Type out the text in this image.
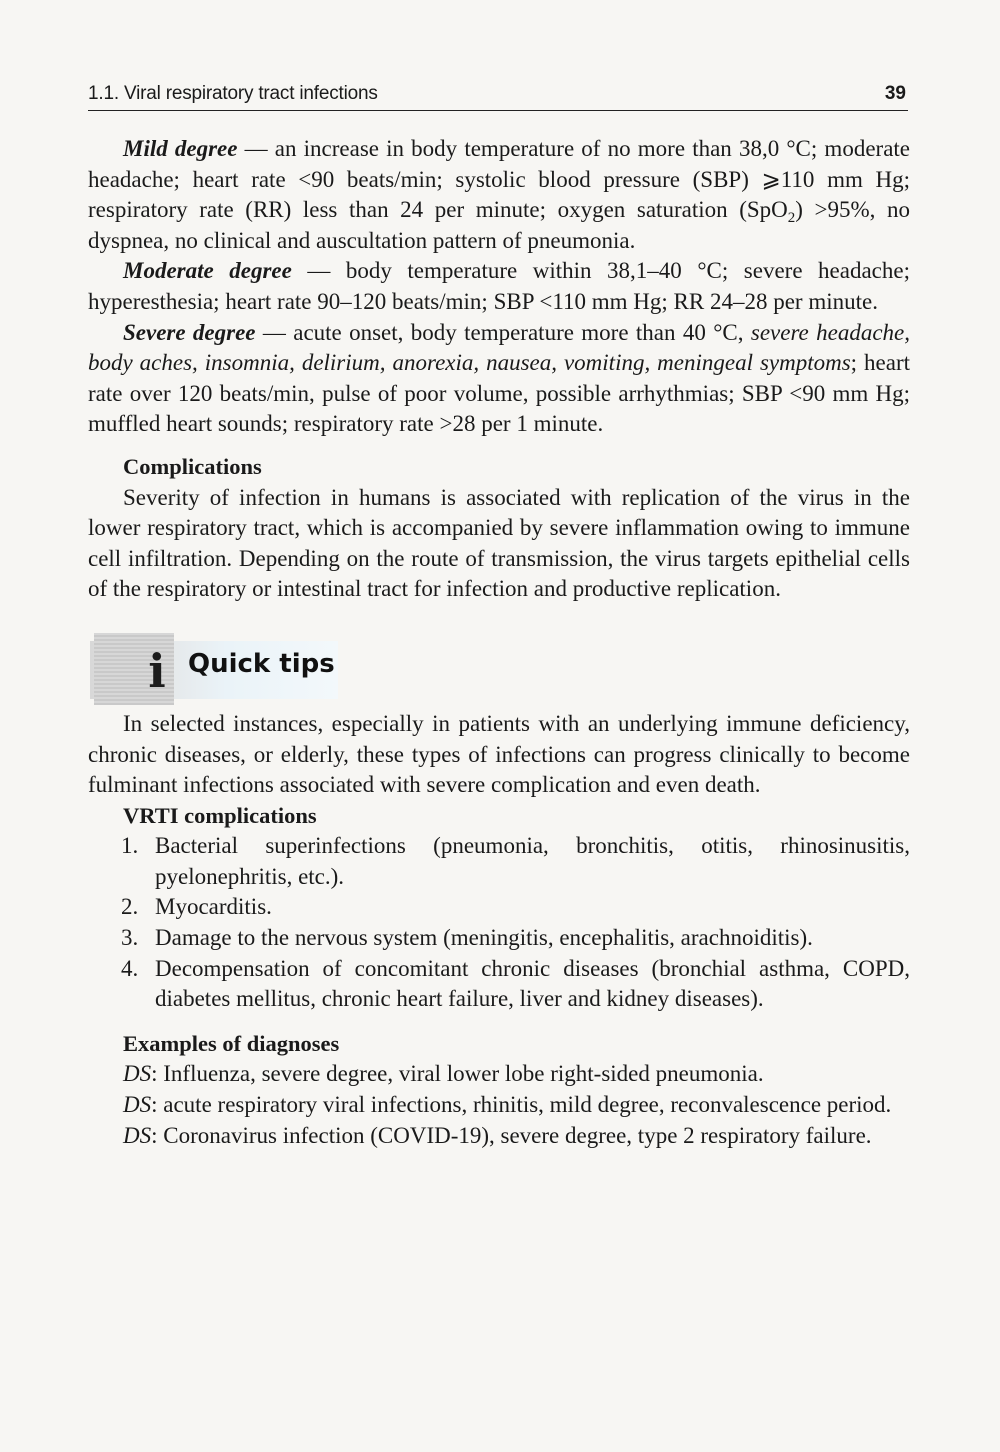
1.1. Viral respiratory tract infections	39

Mild degree — an increase in body temperature of no more than 38,0 °C; moderate headache; heart rate <90 beats/min; systolic blood pressure (SBP) ⩾110 mm Hg; respiratory rate (RR) less than 24 per minute; oxygen saturation (SpO$_2$) >95%, no dyspnea, no clinical and auscultation pattern of pneumonia.

Moderate degree — body temperature within 38,1–40 °C; severe headache; hyperesthesia; heart rate 90–120 beats/min; SBP <110 mm Hg; RR 24–28 per minute.

Severe degree — acute onset, body temperature more than 40 °C, severe headache, body aches, insomnia, delirium, anorexia, nausea, vomiting, meningeal symptoms; heart rate over 120 beats/min, pulse of poor volume, possible arrhythmias; SBP <90 mm Hg; muffled heart sounds; respiratory rate >28 per 1 minute.

Complications

Severity of infection in humans is associated with replication of the virus in the lower respiratory tract, which is accompanied by severe inflammation owing to immune cell infiltration. Depending on the route of transmission, the virus targets epithelial cells of the respiratory or intestinal tract for infection and productive replication.

i Quick tips

In selected instances, especially in patients with an underlying immune deficiency, chronic diseases, or elderly, these types of infections can progress clinically to become fulminant infections associated with severe complication and even death.

VRTI complications
1. Bacterial superinfections (pneumonia, bronchitis, otitis, rhinosinusitis, pyelonephritis, etc.).
2. Myocarditis.
3. Damage to the nervous system (meningitis, encephalitis, arachnoiditis).
4. Decompensation of concomitant chronic diseases (bronchial asthma, COPD, diabetes mellitus, chronic heart failure, liver and kidney diseases).
Examples of diagnoses

DS: Influenza, severe degree, viral lower lobe right-sided pneumonia.

DS: acute respiratory viral infections, rhinitis, mild degree, reconvalescence period.

DS: Coronavirus infection (COVID-19), severe degree, type 2 respiratory failure.
